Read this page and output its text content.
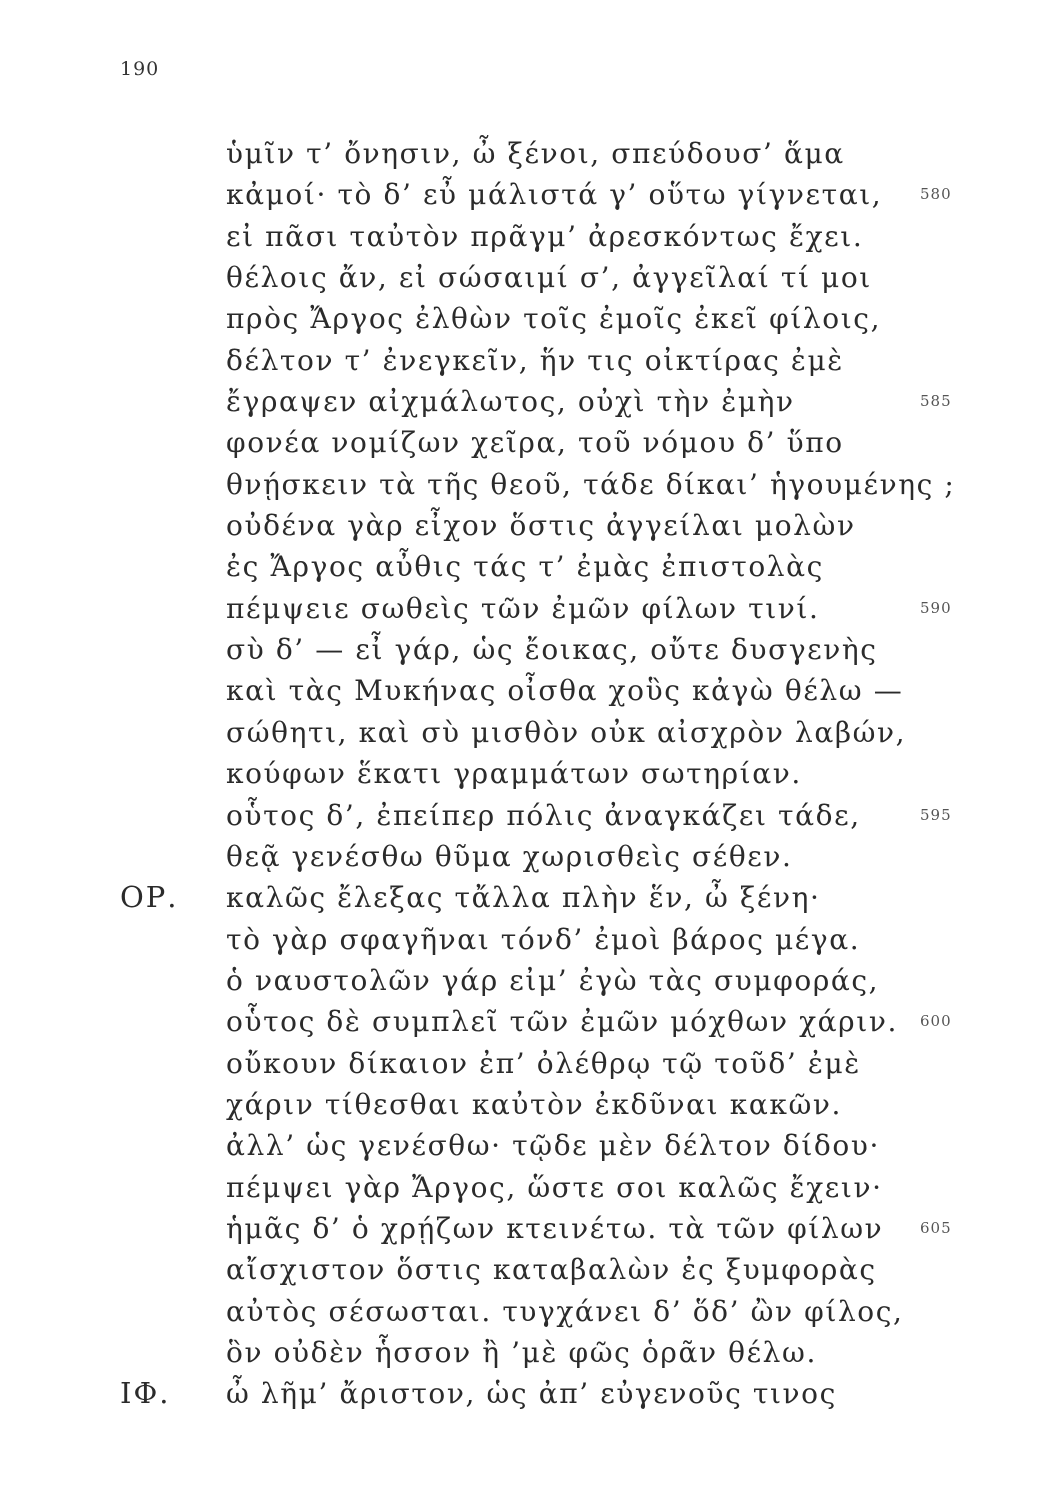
190
ὑμῖν τ’ ὄνησιν, ὦ ξένοι, σπεύδουσ’ ἅμα
κἀμοί· τὸ δ’ εὖ μάλιστά γ’ οὕτω γίγνεται,	580
εἰ πᾶσι ταὐτὸν πρᾶγμ’ ἀρεσκόντως ἔχει.
θέλοις ἄν, εἰ σώσαιμί σ’, ἀγγεῖλαί τί μοι
πρὸς Ἄργος ἐλθὼν τοῖς ἐμοῖς ἐκεῖ φίλοις,
δέλτον τ’ ἐνεγκεῖν, ἥν τις οἰκτίρας ἐμὲ
ἔγραψεν αἰχμάλωτος, οὐχὶ τὴν ἐμὴν	585
φονέα νομίζων χεῖρα, τοῦ νόμου δ’ ὕπο
θνῄσκειν τὰ τῆς θεοῦ, τάδε δίκαι’ ἡγουμένης ;
οὐδένα γὰρ εἶχον ὅστις ἀγγείλαι μολὼν
ἐς Ἄργος αὖθις τάς τ’ ἐμὰς ἐπιστολὰς
πέμψειε σωθεὶς τῶν ἐμῶν φίλων τινί.	590
σὺ δ’ — εἶ γάρ, ὡς ἔοικας, οὔτε δυσγενὴς
καὶ τὰς Μυκήνας οἶσθα χοὓς κἀγὼ θέλω —
σώθητι, καὶ σὺ μισθὸν οὐκ αἰσχρὸν λαβών,
κούφων ἕκατι γραμμάτων σωτηρίαν.
οὗτος δ’, ἐπείπερ πόλις ἀναγκάζει τάδε,	595
θεᾷ γενέσθω θῦμα χωρισθεὶς σέθεν.
ΟΡ. καλῶς ἔλεξας τἄλλα πλὴν ἕν, ὦ ξένη·
τὸ γὰρ σφαγῆναι τόνδ’ ἐμοὶ βάρος μέγα.
ὁ ναυστολῶν γάρ εἰμ’ ἐγὼ τὰς συμφοράς,
οὗτος δὲ συμπλεῖ τῶν ἐμῶν μόχθων χάριν. 600
οὔκουν δίκαιον ἐπ’ ὀλέθρῳ τῷ τοῦδ’ ἐμὲ
χάριν τίθεσθαι καὐτὸν ἐκδῦναι κακῶν.
ἀλλ’ ὡς γενέσθω· τῷδε μὲν δέλτον δίδου·
πέμψει γὰρ Ἄργος, ὥστε σοι καλῶς ἔχειν·
ἡμᾶς δ’ ὁ χρῄζων κτεινέτω. τὰ τῶν φίλων 605
αἴσχιστον ὅστις καταβαλὼν ἐς ξυμφορὰς
αὐτὸς σέσωσται. τυγχάνει δ’ ὅδ’ ὢν φίλος,
ὃν οὐδὲν ἧσσον ἢ ’μὲ φῶς ὁρᾶν θέλω.
ΙΦ. ὦ λῆμ’ ἄριστον, ὡς ἀπ’ εὐγενοῦς τινος
